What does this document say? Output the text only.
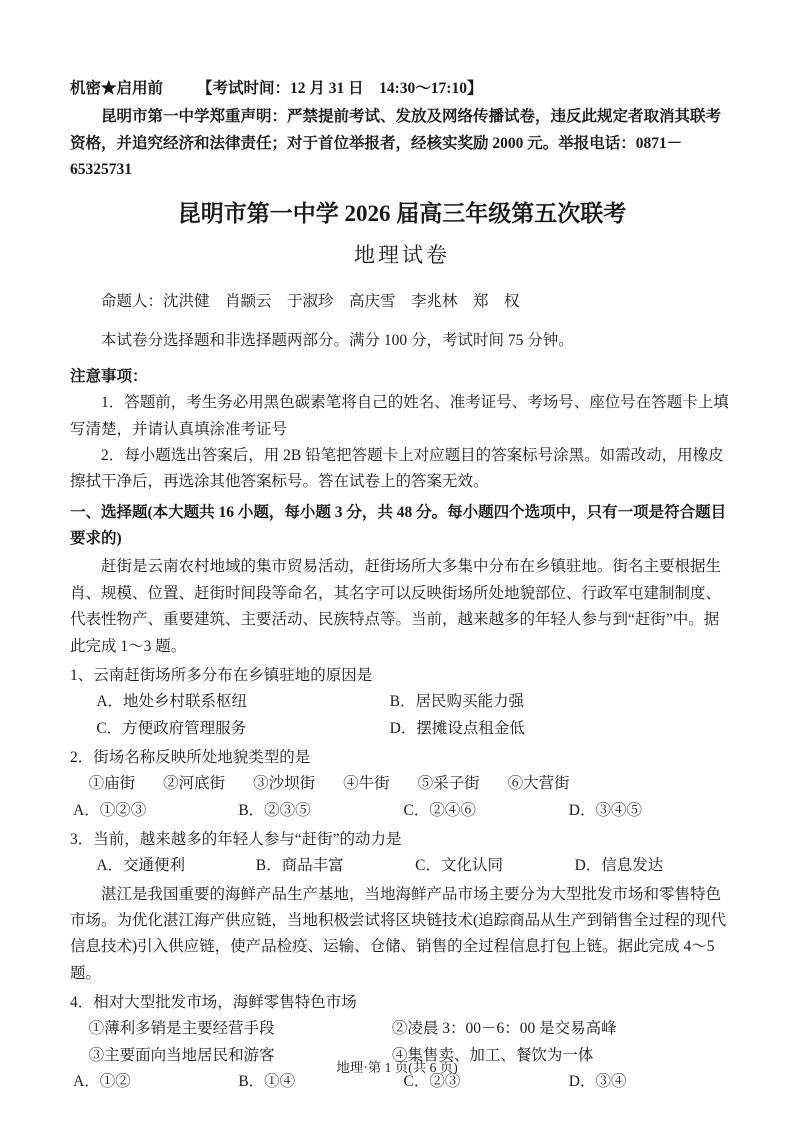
机密★启用前 【考试时间：12 月 31 日　14:30～17:10】

昆明市第一中学郑重声明：严禁提前考试、发放及网络传播试卷，违反此规定者取消其联考资格，并追究经济和法律责任；对于首位举报者，经核实奖励 2000 元。举报电话：0871－65325731

昆明市第一中学 2026 届高三年级第五次联考
地理试卷

命题人：沈洪健　肖颛云　于淑珍　高庆雪　李兆林　郑　权

本试卷分选择题和非选择题两部分。满分 100 分，考试时间 75 分钟。

注意事项：

1．答题前，考生务必用黑色碳素笔将自己的姓名、准考证号、考场号、座位号在答题卡上填写清楚，并请认真填涂准考证号

2．每小题选出答案后，用 2B 铅笔把答题卡上对应题目的答案标号涂黑。如需改动，用橡皮擦拭干净后，再选涂其他答案标号。答在试卷上的答案无效。

一、选择题(本大题共 16 小题，每小题 3 分，共 48 分。每小题四个选项中，只有一项是符合题目要求的)

赶街是云南农村地域的集市贸易活动，赶街场所大多集中分布在乡镇驻地。街名主要根据生肖、规模、位置、赶街时间段等命名，其名字可以反映街场所处地貌部位、行政军屯建制制度、代表性物产、重要建筑、主要活动、民族特点等。当前，越来越多的年轻人参与到“赶街”中。据此完成 1～3 题。

1、云南赶街场所多分布在乡镇驻地的原因是

A．地处乡村联系枢纽	B．居民购买能力强
C．方便政府管理服务	D．摆摊设点租金低

2．街场名称反映所处地貌类型的是

①庙街 ②河底街 ③沙坝街 ④牛街 ⑤采子街 ⑥大营街
A．①②③	B．②③⑤	C．②④⑥	D．③④⑤

3．当前，越来越多的年轻人参与“赶街”的动力是

A．交通便利	B．商品丰富	C．文化认同	D．信息发达

湛江是我国重要的海鲜产品生产基地，当地海鲜产品市场主要分为大型批发市场和零售特色市场。为优化湛江海产供应链，当地积极尝试将区块链技术(追踪商品从生产到销售全过程的现代信息技术)引入供应链，使产品检疫、运输、仓储、销售的全过程信息打包上链。据此完成 4～5 题。

4．相对大型批发市场，海鲜零售特色市场

①薄利多销是主要经营手段	②凌晨 3：00－6：00 是交易高峰
③主要面向当地居民和游客	④集售卖、加工、餐饮为一体
A．①②	B．①④	C．②③	D．③④
地理·第 1 页(共 6 页)
